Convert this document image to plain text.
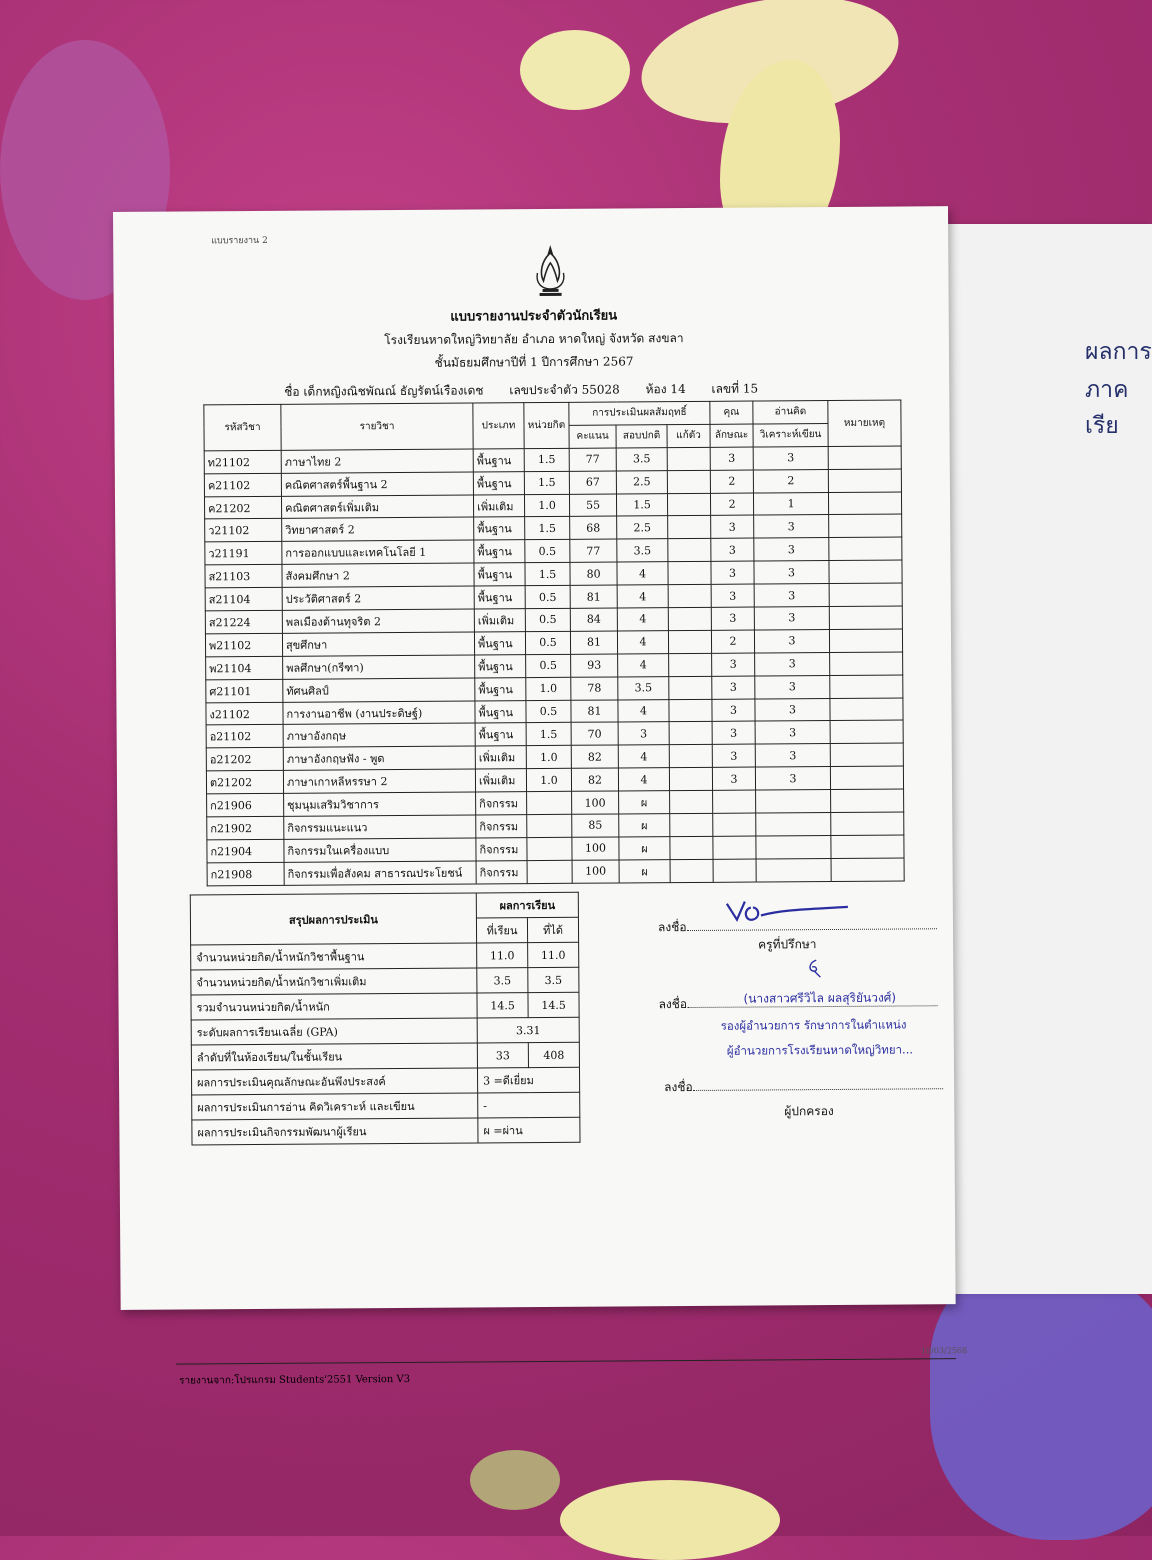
ผลการ
ภาคเรีย
แบบรายงาน 2
แบบรายงานประจำตัวนักเรียน
โรงเรียนหาดใหญ่วิทยาลัย อำเภอ หาดใหญ่ จังหวัด สงขลา
ชั้นมัธยมศึกษาปีที่ 1 ปีการศึกษา 2567
ชื่อ เด็กหญิงณิชพัณณ์ ธัญรัตน์เรืองเดช เลขประจำตัว 55028 ห้อง 14 เลขที่ 15
รหัสวิชา	รายวิชา	ประเภท	หน่วยกิต	การประเมินผลสัมฤทธิ์			คุณ	อ่านคิด	หมายเหตุ
				คะแนน	สอบปกติ	แก้ตัว	ลักษณะ	วิเคราะห์เขียน	
ท21102	ภาษาไทย 2	พื้นฐาน	1.5	77	3.5		3	3	
ค21102	คณิตศาสตร์พื้นฐาน 2	พื้นฐาน	1.5	67	2.5		2	2	
ค21202	คณิตศาสตร์เพิ่มเติม	เพิ่มเติม	1.0	55	1.5		2	1	
ว21102	วิทยาศาสตร์ 2	พื้นฐาน	1.5	68	2.5		3	3	
ว21191	การออกแบบและเทคโนโลยี 1	พื้นฐาน	0.5	77	3.5		3	3	
ส21103	สังคมศึกษา 2	พื้นฐาน	1.5	80	4		3	3	
ส21104	ประวัติศาสตร์ 2	พื้นฐาน	0.5	81	4		3	3	
ส21224	พลเมืองต้านทุจริต 2	เพิ่มเติม	0.5	84	4		3	3	
พ21102	สุขศึกษา	พื้นฐาน	0.5	81	4		2	3	
พ21104	พลศึกษา(กรีฑา)	พื้นฐาน	0.5	93	4		3	3	
ศ21101	ทัศนศิลป์	พื้นฐาน	1.0	78	3.5		3	3	
ง21102	การงานอาชีพ (งานประดิษฐ์)	พื้นฐาน	0.5	81	4		3	3	
อ21102	ภาษาอังกฤษ	พื้นฐาน	1.5	70	3		3	3	
อ21202	ภาษาอังกฤษฟัง - พูด	เพิ่มเติม	1.0	82	4		3	3	
ต21202	ภาษาเกาหลีหรรษา 2	เพิ่มเติม	1.0	82	4		3	3	
ก21906	ชุมนุมเสริมวิชาการ	กิจกรรม		100	ผ				
ก21902	กิจกรรมแนะแนว	กิจกรรม		85	ผ				
ก21904	กิจกรรมในเครื่องแบบ	กิจกรรม		100	ผ				
ก21908	กิจกรรมเพื่อสังคม สาธารณประโยชน์	กิจกรรม		100	ผ				
สรุปผลการประเมิน	ผลการเรียน	
	ที่เรียน	ที่ได้
จำนวนหน่วยกิต/น้ำหนักวิชาพื้นฐาน	11.0	11.0
จำนวนหน่วยกิต/น้ำหนักวิชาเพิ่มเติม	3.5	3.5
รวมจำนวนหน่วยกิต/น้ำหนัก	14.5	14.5
ระดับผลการเรียนเฉลี่ย (GPA)	3.31	
ลำดับที่ในห้องเรียน/ในชั้นเรียน	33	408
ผลการประเมินคุณลักษณะอันพึงประสงค์	3 =ดีเยี่ยม	
ผลการประเมินการอ่าน คิดวิเคราะห์ และเขียน	-	
ผลการประเมินกิจกรรมพัฒนาผู้เรียน	ผ =ผ่าน	
ลงชื่อ
ครูที่ปรึกษา
ลงชื่อ	(นางสาวศรีวิไล ผลสุริยันวงศ์)
รองผู้อำนวยการ รักษาการในตำแหน่ง
ผู้อำนวยการโรงเรียนหาดใหญ่วิทยา...
ลงชื่อ
ผู้ปกครอง
10/03/2568
รายงานจาก:โปรแกรม Students'2551 Version V3
